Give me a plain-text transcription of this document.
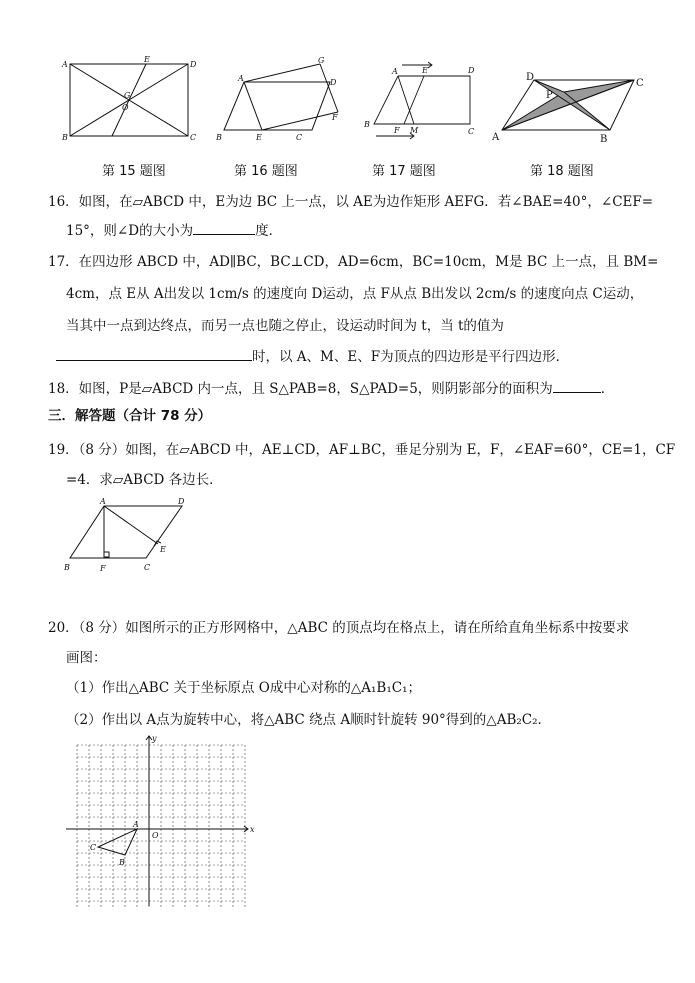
A
B	C
D
E
G
O
第 15 题图
A
B	C
D
E
F
G
第 16 题图
A
B
C
D
E
F M
第 17 题图
D
C
A	B
P
第 18 题图
16．如图，在▱ABCD 中，E为边 BC 上一点，以 AE为边作矩形 AEFG．若∠BAE=40°，∠CEF=
15°，则∠D的大小为	度．
17．在四边形 ABCD 中，AD∥BC，BC⊥CD，AD=6cm，BC=10cm，M是 BC 上一点，且 BM=
4cm，点 E从 A出发以 1cm/s 的速度向 D运动，点 F从点 B出发以 2cm/s 的速度向点 C运动，
当其中一点到达终点，而另一点也随之停止，设运动时间为 t，当 t的值为
时，以 A、M、E、F为顶点的四边形是平行四边形．
18．如图，P是▱ABCD 内一点，且 S△PAB=8，S△PAD=5，则阴影部分的面积为	．
三．解答题（合计 78 分）
19．（8 分）如图，在▱ABCD 中，AE⊥CD，AF⊥BC，垂足分别为 E，F，∠EAF=60°，CE=1，CF
=4．求▱ABCD 各边长．
A
B	C
D
E
F
20．（8 分）如图所示的正方形网格中，△ABC 的顶点均在格点上，请在所给直角坐标系中按要求
画图：
（1）作出△ABC 关于坐标原点 O成中心对称的△A₁B₁C₁；
（2）作出以 A点为旋转中心，将△ABC 绕点 A顺时针旋转 90°得到的△AB₂C₂．
x
y
O
A
B
C
